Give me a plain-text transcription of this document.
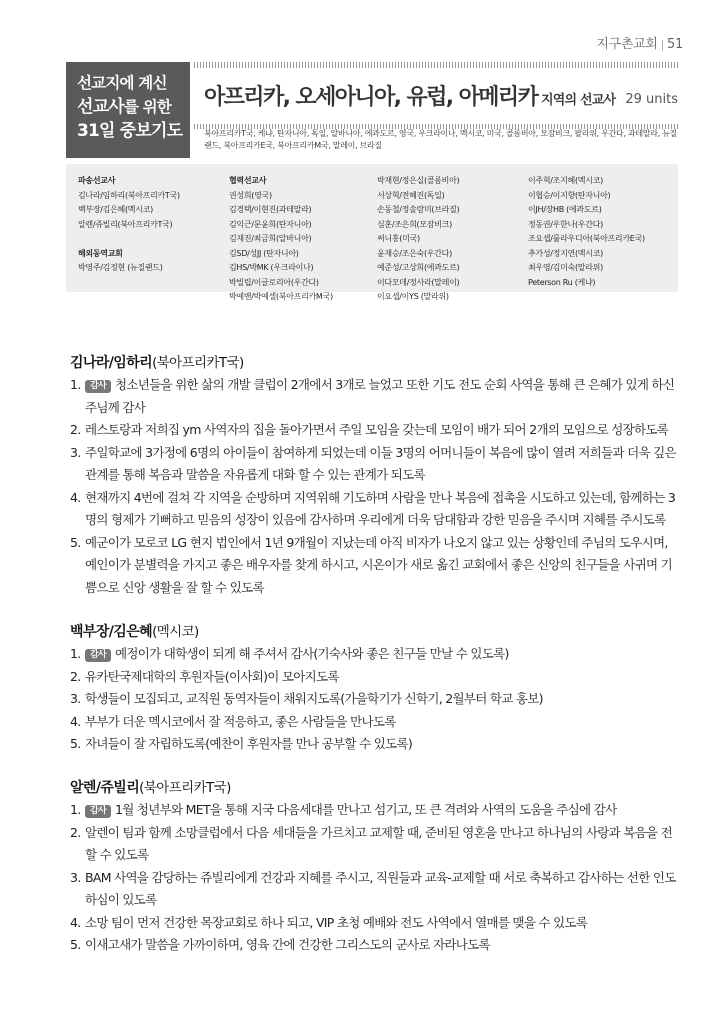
지구촌교회 | 51
선교지에 계신
선교사를 위한
31일 중보기도
아프리카, 오세아니아, 유럽, 아메리카 지역의 선교사 29 units
북아프리카T국, 케냐, 탄자니아, 독일, 알바니아, 에콰도르, 영국, 우크라이나, 멕시코, 미국, 콜롬비아, 모잠비크, 팔라위, 우간다, 과테말라, 뉴질랜드, 북아프리카E국, 북아프리카M국, 말레이, 브라질
파송선교사
김나라/임하리(북아프리카T국)
백부장/김은혜(멕시코)
알렌/쥬빌리(북아프리카T국)
해외동역교회
박영주/김정현 (뉴질랜드)
협력선교사
권성희(영국)
김경택/이현진(과테말라)
김익근/문윤희(탄자니아)
김재진/최금희(알바니아)
김SD/성JJ (탄자니아)
김HS/박MK (우크라이나)
박빌립/이글로리아(우간다)
박예밴/박예셀(북아프리카M국)
박재현/정은실(콜롬비아)
서상혁/전혜진(독일)
손동철/정솔람미(브라질)
심훈/조은희(모잠비크)
써니홍(미국)
윤재승/조은숙(우간다)
예준성/고상희(에콰도르)
이다모데/정사라(말레이)
이요셉/이YS (말라위)
이주혁/조지혜(멕시코)
이협승/이지향(탄자니아)
이JH/장HB (에콰도르)
정동권/우한나(우간다)
조요셉/룰라우디아(북아프리카E국)
추가성/정지연(멕시코)
최우영/김미숙(말라위)
Peterson Ru (케냐)
김나라/임하리(북아프리카T국)
1. 감사 청소년들을 위한 삶의 개발 클럽이 2개에서 3개로 늘었고 또한 기도 전도 순회 사역을 통해 큰 은혜가 있게 하신 주님께 감사
2. 레스토랑과 저희집 ym 사역자의 집을 돌아가면서 주일 모임을 갖는데 모임이 배가 되어 2개의 모임으로 성장하도록
3. 주일학교에 3가정에 6명의 아이들이 참여하게 되었는데 이들 3명의 어머니들이 복음에 많이 열려 저희들과 더욱 깊은 관계를 통해 복음과 말씀을 자유롭게 대화 할 수 있는 관계가 되도록
4. 현재까지 4번에 걸쳐 각 지역을 순방하며 지역위해 기도하며 사람을 만나 복음에 접촉을 시도하고 있는데, 함께하는 3명의 형제가 기뻐하고 믿음의 성장이 있음에 감사하며 우리에게 더욱 담대함과 강한 믿음을 주시며 지혜를 주시도록
5. 예군이가 모로코 LG 현지 법인에서 1년 9개월이 지났는데 아직 비자가 나오지 않고 있는 상황인데 주님의 도우시며, 예인이가 분별력을 가지고 좋은 배우자를 찾게 하시고, 시온이가 새로 옮긴 교회에서 좋은 신앙의 친구들을 사귀며 기쁨으로 신앙 생활을 잘 할 수 있도록
백부장/김은혜(멕시코)
1. 감사 예정이가 대학생이 되게 해 주셔서 감사(기숙사와 좋은 친구들 만날 수 있도록)
2. 유카탄국제대학의 후원자들(이사회)이 모아지도록
3. 학생들이 모집되고, 교직원 동역자들이 채워지도록(가을학기가 신학기, 2월부터 학교 홍보)
4. 부부가 더운 멕시코에서 잘 적응하고, 좋은 사람들을 만나도록
5. 자녀들이 잘 자립하도록(예찬이 후원자를 만나 공부할 수 있도록)
알렌/쥬빌리(북아프리카T국)
1. 감사 1월 청년부와 MET을 통해 지국 다음세대를 만나고 섬기고, 또 큰 격려와 사역의 도움을 주심에 감사
2. 알렌이 팀과 함께 소망클럽에서 다음 세대들을 가르치고 교제할 때, 준비된 영혼을 만나고 하나님의 사랑과 복음을 전할 수 있도록
3. BAM 사역을 감당하는 쥬빌리에게 건강과 지혜를 주시고, 직원들과 교육-교제할 때 서로 축복하고 감사하는 선한 인도하심이 있도록
4. 소망 팀이 먼저 건강한 목장교회로 하나 되고, VIP 초청 예배와 전도 사역에서 열매를 맺을 수 있도록
5. 이새고새가 말씀을 가까이하며, 영육 간에 건강한 그리스도의 군사로 자라나도록
